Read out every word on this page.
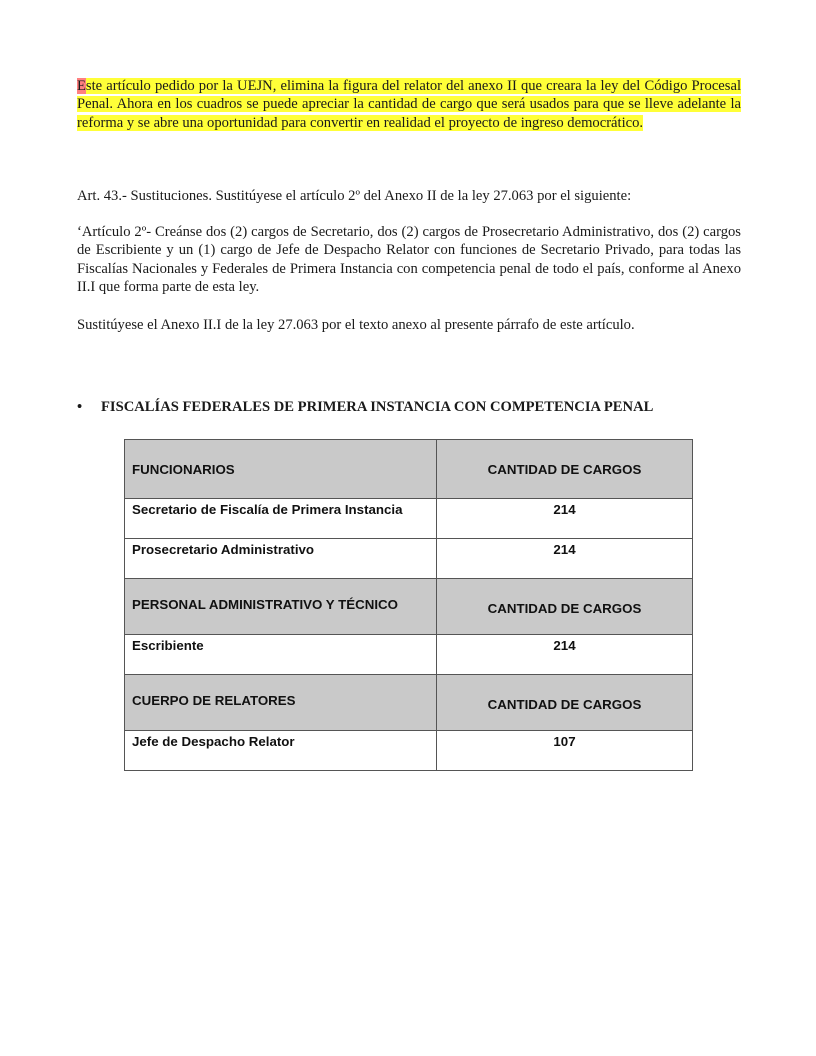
Este artículo pedido por la UEJN, elimina la figura del relator del anexo II que creara la ley del Código Procesal Penal. Ahora en los cuadros se puede apreciar la cantidad de cargo que será usados para que se lleve adelante la reforma y se abre una oportunidad para convertir en realidad el proyecto de ingreso democrático.
Art. 43.- Sustituciones. Sustitúyese el artículo 2º del Anexo II de la ley 27.063 por el siguiente:
‘Artículo 2º- Creánse dos (2) cargos de Secretario, dos (2) cargos de Prosecretario Administrativo, dos (2) cargos de Escribiente y un (1) cargo de Jefe de Despacho Relator con funciones de Secretario Privado, para todas las Fiscalías Nacionales y Federales de Primera Instancia con competencia penal de todo el país, conforme al Anexo II.I que forma parte de esta ley.
Sustitúyese el Anexo II.I de la ley 27.063 por el texto anexo al presente párrafo de este artículo.
• FISCALÍAS FEDERALES DE PRIMERA INSTANCIA CON COMPETENCIA PENAL
FUNCIONARIOS	CANTIDAD DE CARGOS
Secretario de Fiscalía de Primera Instancia	214
Prosecretario Administrativo	214
PERSONAL ADMINISTRATIVO Y TÉCNICO	CANTIDAD DE CARGOS
Escribiente	214
CUERPO DE RELATORES	CANTIDAD DE CARGOS
Jefe de Despacho Relator	107
